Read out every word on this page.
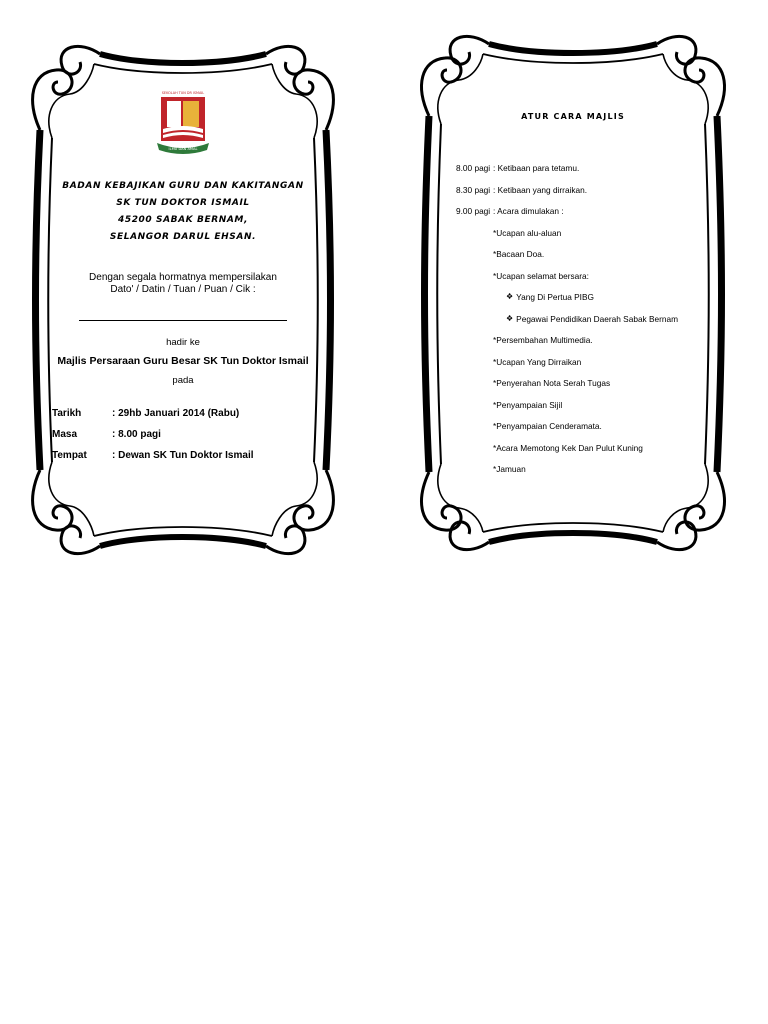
SEKOLAH TUN DR ISMAIL
ILMU DAN AMAL
BADAN KEBAJIKAN GURU DAN KAKITANGAN
SK TUN DOKTOR ISMAIL
45200 SABAK BERNAM,
SELANGOR DARUL EHSAN.
Dengan segala hormatnya mempersilakan
Dato' / Datin / Tuan / Puan / Cik :
hadir ke
Majlis Persaraan Guru Besar SK Tun Doktor Ismail
pada
Tarikh	: 29hb Januari 2014 (Rabu)
Masa	: 8.00 pagi
Tempat	: Dewan SK Tun Doktor Ismail
ATUR CARA MAJLIS
8.00 pagi : Ketibaan para tetamu.
8.30 pagi : Ketibaan yang dirraikan.
9.00 pagi : Acara dimulakan :
*Ucapan alu-aluan
*Bacaan Doa.
*Ucapan selamat bersara:
❖ Yang Di Pertua PIBG
❖ Pegawai Pendidikan Daerah Sabak Bernam
*Persembahan Multimedia.
*Ucapan Yang Dirraikan
*Penyerahan Nota Serah Tugas
*Penyampaian Sijil
*Penyampaian Cenderamata.
*Acara Memotong Kek Dan Pulut Kuning
*Jamuan
